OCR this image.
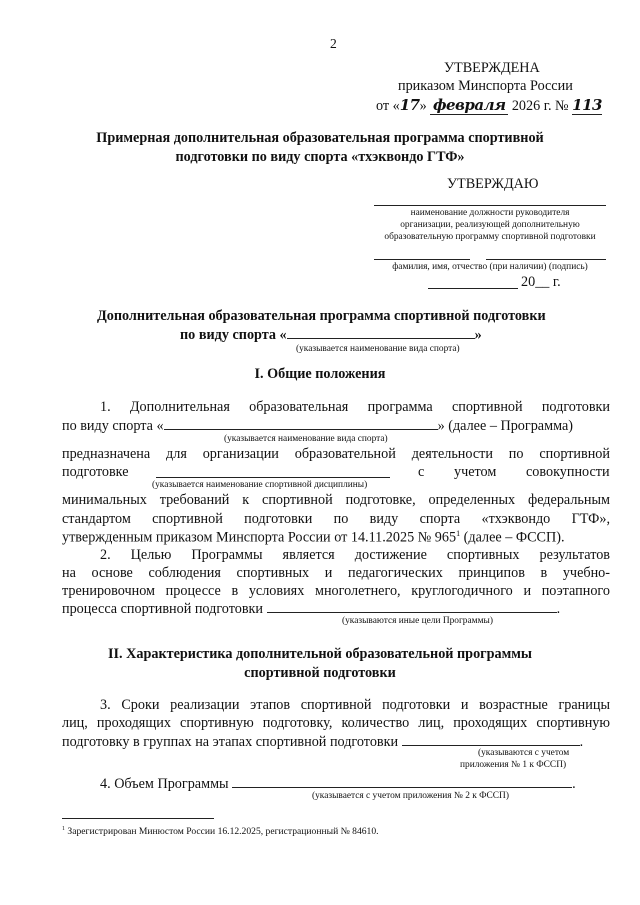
2
УТВЕРЖДЕНА
приказом Минспорта России
от «17» февраля 2026 г. № 113
Примерная дополнительная образовательная программа спортивной
подготовки по виду спорта «тхэквондо ГТФ»
УТВЕРЖДАЮ
наименование должности руководителя
организации, реализующей дополнительную
образовательную программу спортивной подготовки
фамилия, имя, отчество (при наличии) (подпись)
20__ г.
Дополнительная образовательная программа спортивной подготовки
по виду спорта «	»
(указывается наименование вида спорта)
I. Общие положения
1. Дополнительная образовательная программа спортивной подготовки
по виду спорта «	» (далее – Программа)
(указывается наименование вида спорта)
предназначена для организации образовательной деятельности по спортивной
подготовке	с учетом совокупности
(указывается наименование спортивной дисциплины)
минимальных требований к спортивной подготовке, определенных федеральным
стандартом спортивной подготовки по виду спорта «тхэквондо ГТФ»,
утвержденным приказом Минспорта России от 14.11.2025 № $965^1$ (далее – ФССП).
2. Целью Программы является достижение спортивных результатов
на основе соблюдения спортивных и педагогических принципов в учебно-
тренировочном процессе в условиях многолетнего, круглогодичного и поэтапного
процесса спортивной подготовки	.
(указываются иные цели Программы)
II. Характеристика дополнительной образовательной программы
спортивной подготовки
3. Сроки реализации этапов спортивной подготовки и возрастные границы
лиц, проходящих спортивную подготовку, количество лиц, проходящих спортивную
подготовку в группах на этапах спортивной подготовки	.
(указываются с учетом
приложения № 1 к ФССП)
4. Объем Программы	.
(указывается с учетом приложения № 2 к ФССП)
$^1$ Зарегистрирован Минюстом России 16.12.2025, регистрационный № 84610.
